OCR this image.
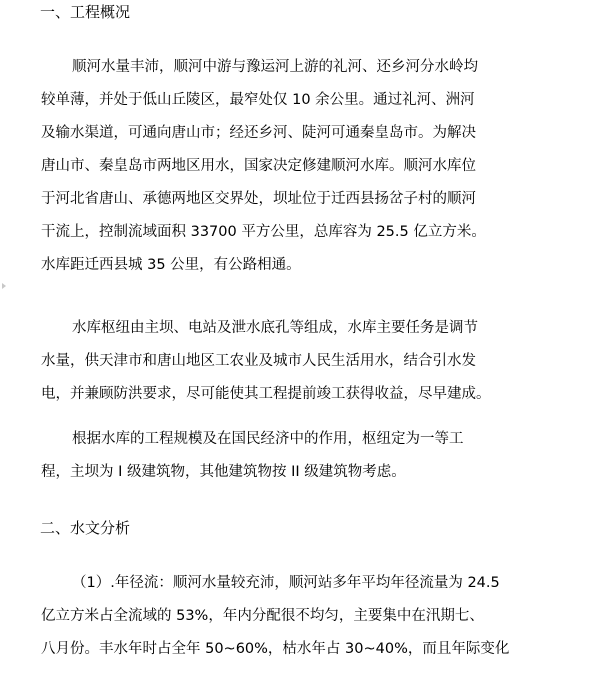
一、工程概况

顺河水量丰沛，顺河中游与豫运河上游的礼河、还乡河分水岭均

较单薄，并处于低山丘陵区，最窄处仅 10 余公里。通过礼河、洲河

及输水渠道，可通向唐山市；经还乡河、陡河可通秦皇岛市。为解决

唐山市、秦皇岛市两地区用水，国家决定修建顺河水库。顺河水库位

于河北省唐山、承德两地区交界处，坝址位于迁西县扬岔子村的顺河

干流上，控制流域面积 33700 平方公里，总库容为 25.5 亿立方米。

水库距迁西县城 35 公里，有公路相通。

水库枢纽由主坝、电站及泄水底孔等组成，水库主要任务是调节

水量，供天津市和唐山地区工农业及城市人民生活用水，结合引水发

电，并兼顾防洪要求，尽可能使其工程提前竣工获得收益，尽早建成。

根据水库的工程规模及在国民经济中的作用，枢纽定为一等工

程，主坝为 I 级建筑物，其他建筑物按 II 级建筑物考虑。

二、水文分析

（1）.年径流：顺河水量较充沛，顺河站多年平均年径流量为 24.5

亿立方米占全流域的 53%，年内分配很不均匀，主要集中在汛期七、

八月份。丰水年时占全年 50~60%，枯水年占 30~40%，而且年际变化
